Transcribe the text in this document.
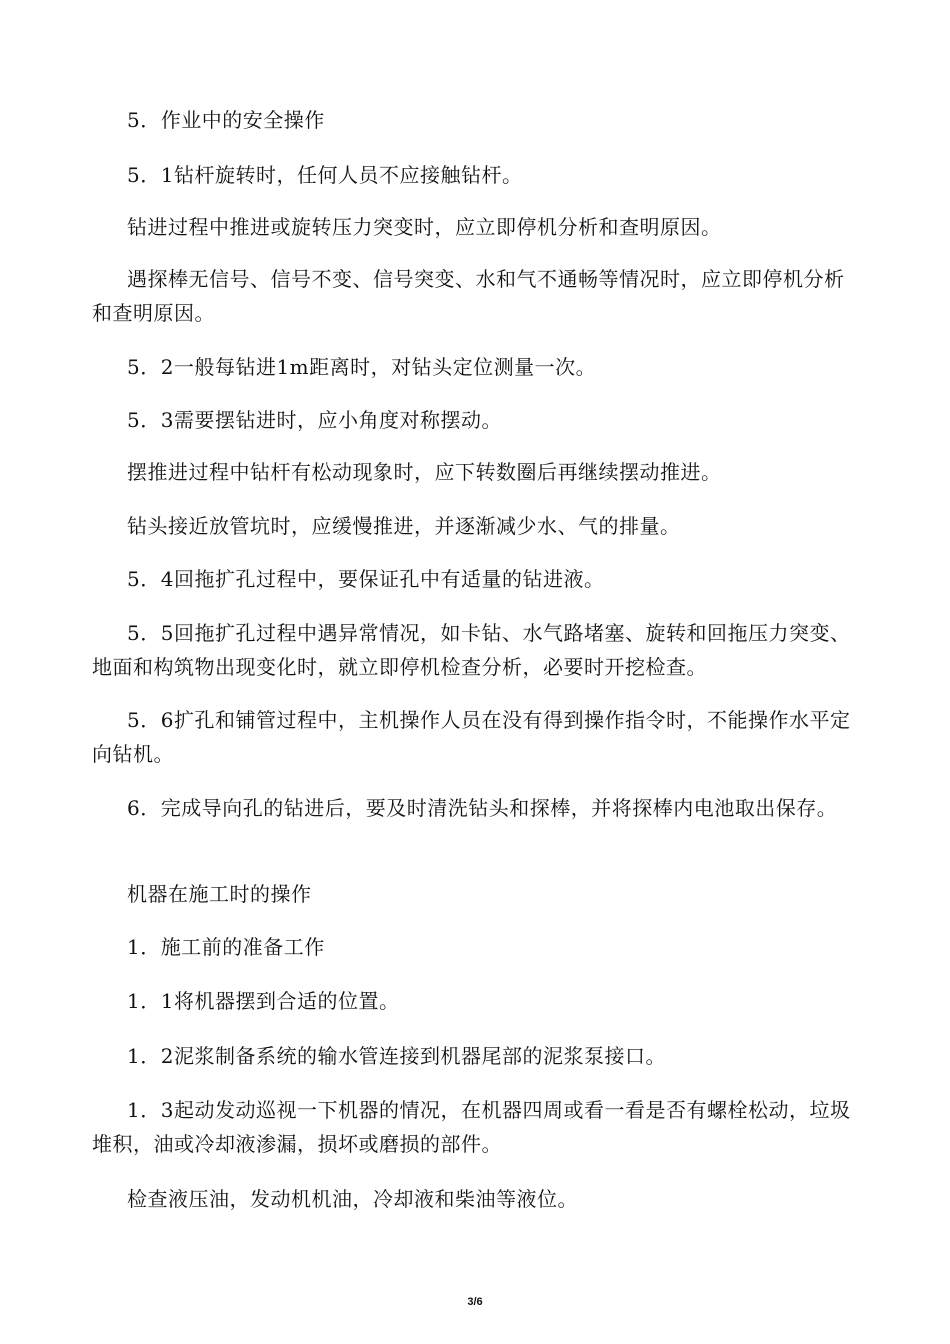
5．作业中的安全操作

5．1钻杆旋转时，任何人员不应接触钻杆。

钻进过程中推进或旋转压力突变时，应立即停机分析和查明原因。

遇探棒无信号、信号不变、信号突变、水和气不通畅等情况时，应立即停机分析和查明原因。

5．2一般每钻进1m距离时，对钻头定位测量一次。

5．3需要摆钻进时，应小角度对称摆动。

摆推进过程中钻杆有松动现象时，应下转数圈后再继续摆动推进。

钻头接近放管坑时，应缓慢推进，并逐渐减少水、气的排量。

5．4回拖扩孔过程中，要保证孔中有适量的钻进液。

5．5回拖扩孔过程中遇异常情况，如卡钻、水气路堵塞、旋转和回拖压力突变、地面和构筑物出现变化时，就立即停机检查分析，必要时开挖检查。

5．6扩孔和铺管过程中，主机操作人员在没有得到操作指令时，不能操作水平定向钻机。

6．完成导向孔的钻进后，要及时清洗钻头和探棒，并将探棒内电池取出保存。

机器在施工时的操作

1．施工前的准备工作

1．1将机器摆到合适的位置。

1．2泥浆制备系统的输水管连接到机器尾部的泥浆泵接口。

1．3起动发动巡视一下机器的情况，在机器四周或看一看是否有螺栓松动，垃圾堆积，油或冷却液渗漏，损坏或磨损的部件。

检查液压油，发动机机油，冷却液和柴油等液位。

3/6
